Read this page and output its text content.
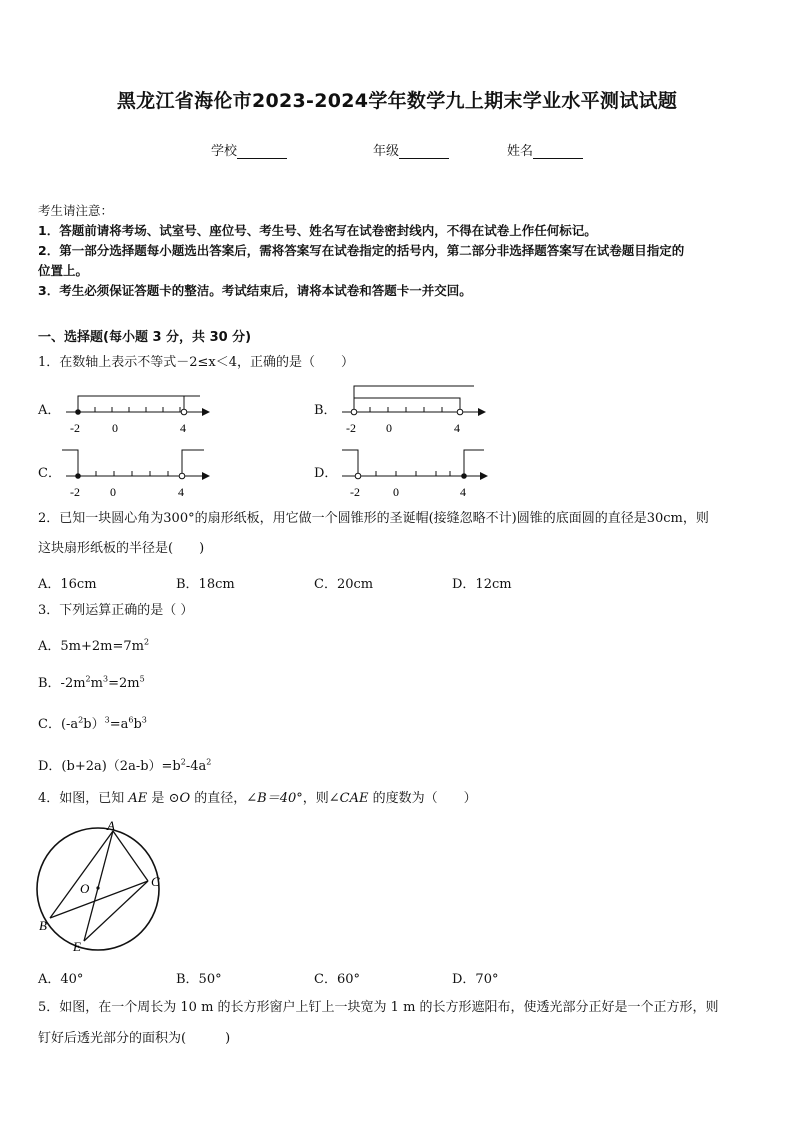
黑龙江省海伦市2023-2024学年数学九上期末学业水平测试试题
学校	年级	姓名
考生请注意：
1．答题前请将考场、试室号、座位号、考生号、姓名写在试卷密封线内，不得在试卷上作任何标记。
2．第一部分选择题每小题选出答案后，需将答案写在试卷指定的括号内，第二部分非选择题答案写在试卷题目指定的
位置上。
3．考生必须保证答题卡的整洁。考试结束后，请将本试卷和答题卡一并交回。
一、选择题(每小题 3 分，共 30 分)
1．在数轴上表示不等式－2≤x＜4，正确的是（　　）
A．
-2	0	4
B．
-2	0	4
C．
-2	0	4
D．
-2	0	4
2．已知一块圆心角为300°的扇形纸板，用它做一个圆锥形的圣诞帽(接缝忽略不计)圆锥的底面圆的直径是30cm，则
这块扇形纸板的半径是(　　)
A．16cm	B．18cm	C．20cm	D．12cm
3．下列运算正确的是（ ）
A．$5m+2m=7m^2$
B．$-2m^2m^3=2m^5$
C．$(-a^2b)^3=a^6b^3$
D．$(b+2a)(2a-b)=b^2-4a^2$
4．如图，已知 AE 是 ⊙O 的直径，∠B＝40°，则∠CAE 的度数为（　　）
A
C
B
E
O
A．40°	B．50°	C．60°	D．70°
5．如图，在一个周长为 10 m 的长方形窗户上钉上一块宽为 1 m 的长方形遮阳布，使透光部分正好是一个正方形，则
钉好后透光部分的面积为(　　　)
